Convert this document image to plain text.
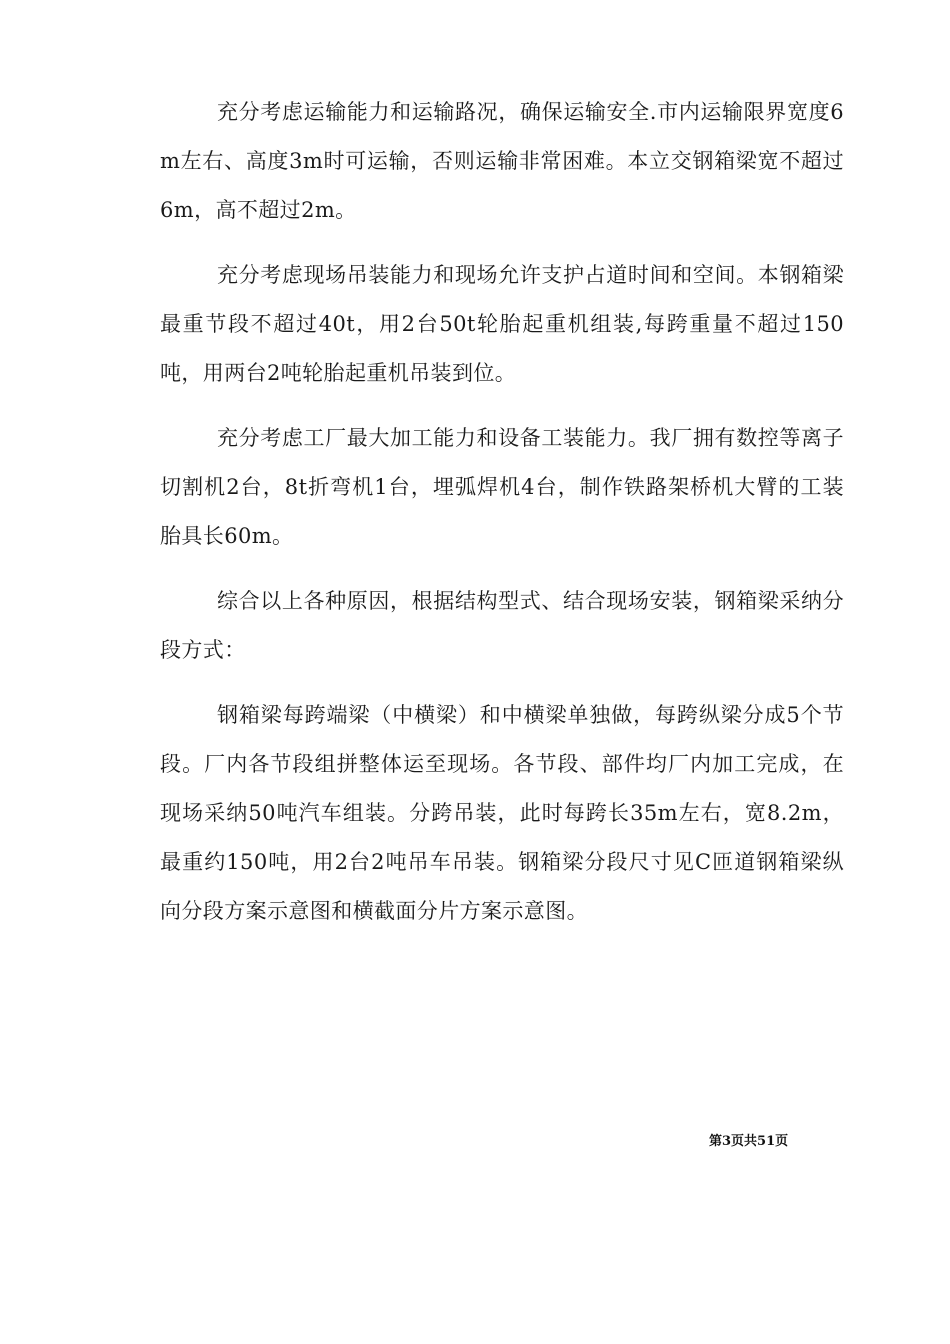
充分考虑运输能力和运输路况，确保运输安全.市内运输限界宽度6m左右、高度3m时可运输，否则运输非常困难。本立交钢箱梁宽不超过6m，高不超过2m。

充分考虑现场吊装能力和现场允许支护占道时间和空间。本钢箱梁最重节段不超过40t，用2台50t轮胎起重机组装,每跨重量不超过150吨，用两台2吨轮胎起重机吊装到位。

充分考虑工厂最大加工能力和设备工装能力。我厂拥有数控等离子切割机2台，8t折弯机1台，埋弧焊机4台，制作铁路架桥机大臂的工装胎具长60m。

综合以上各种原因，根据结构型式、结合现场安装，钢箱梁采纳分段方式：

钢箱梁每跨端梁（中横梁）和中横梁单独做，每跨纵梁分成5个节段。厂内各节段组拼整体运至现场。各节段、部件均厂内加工完成，在现场采纳50吨汽车组装。分跨吊装，此时每跨长35m左右，宽8.2m，最重约150吨，用2台2吨吊车吊装。钢箱梁分段尺寸见C匝道钢箱梁纵向分段方案示意图和横截面分片方案示意图。

第3页共51页
